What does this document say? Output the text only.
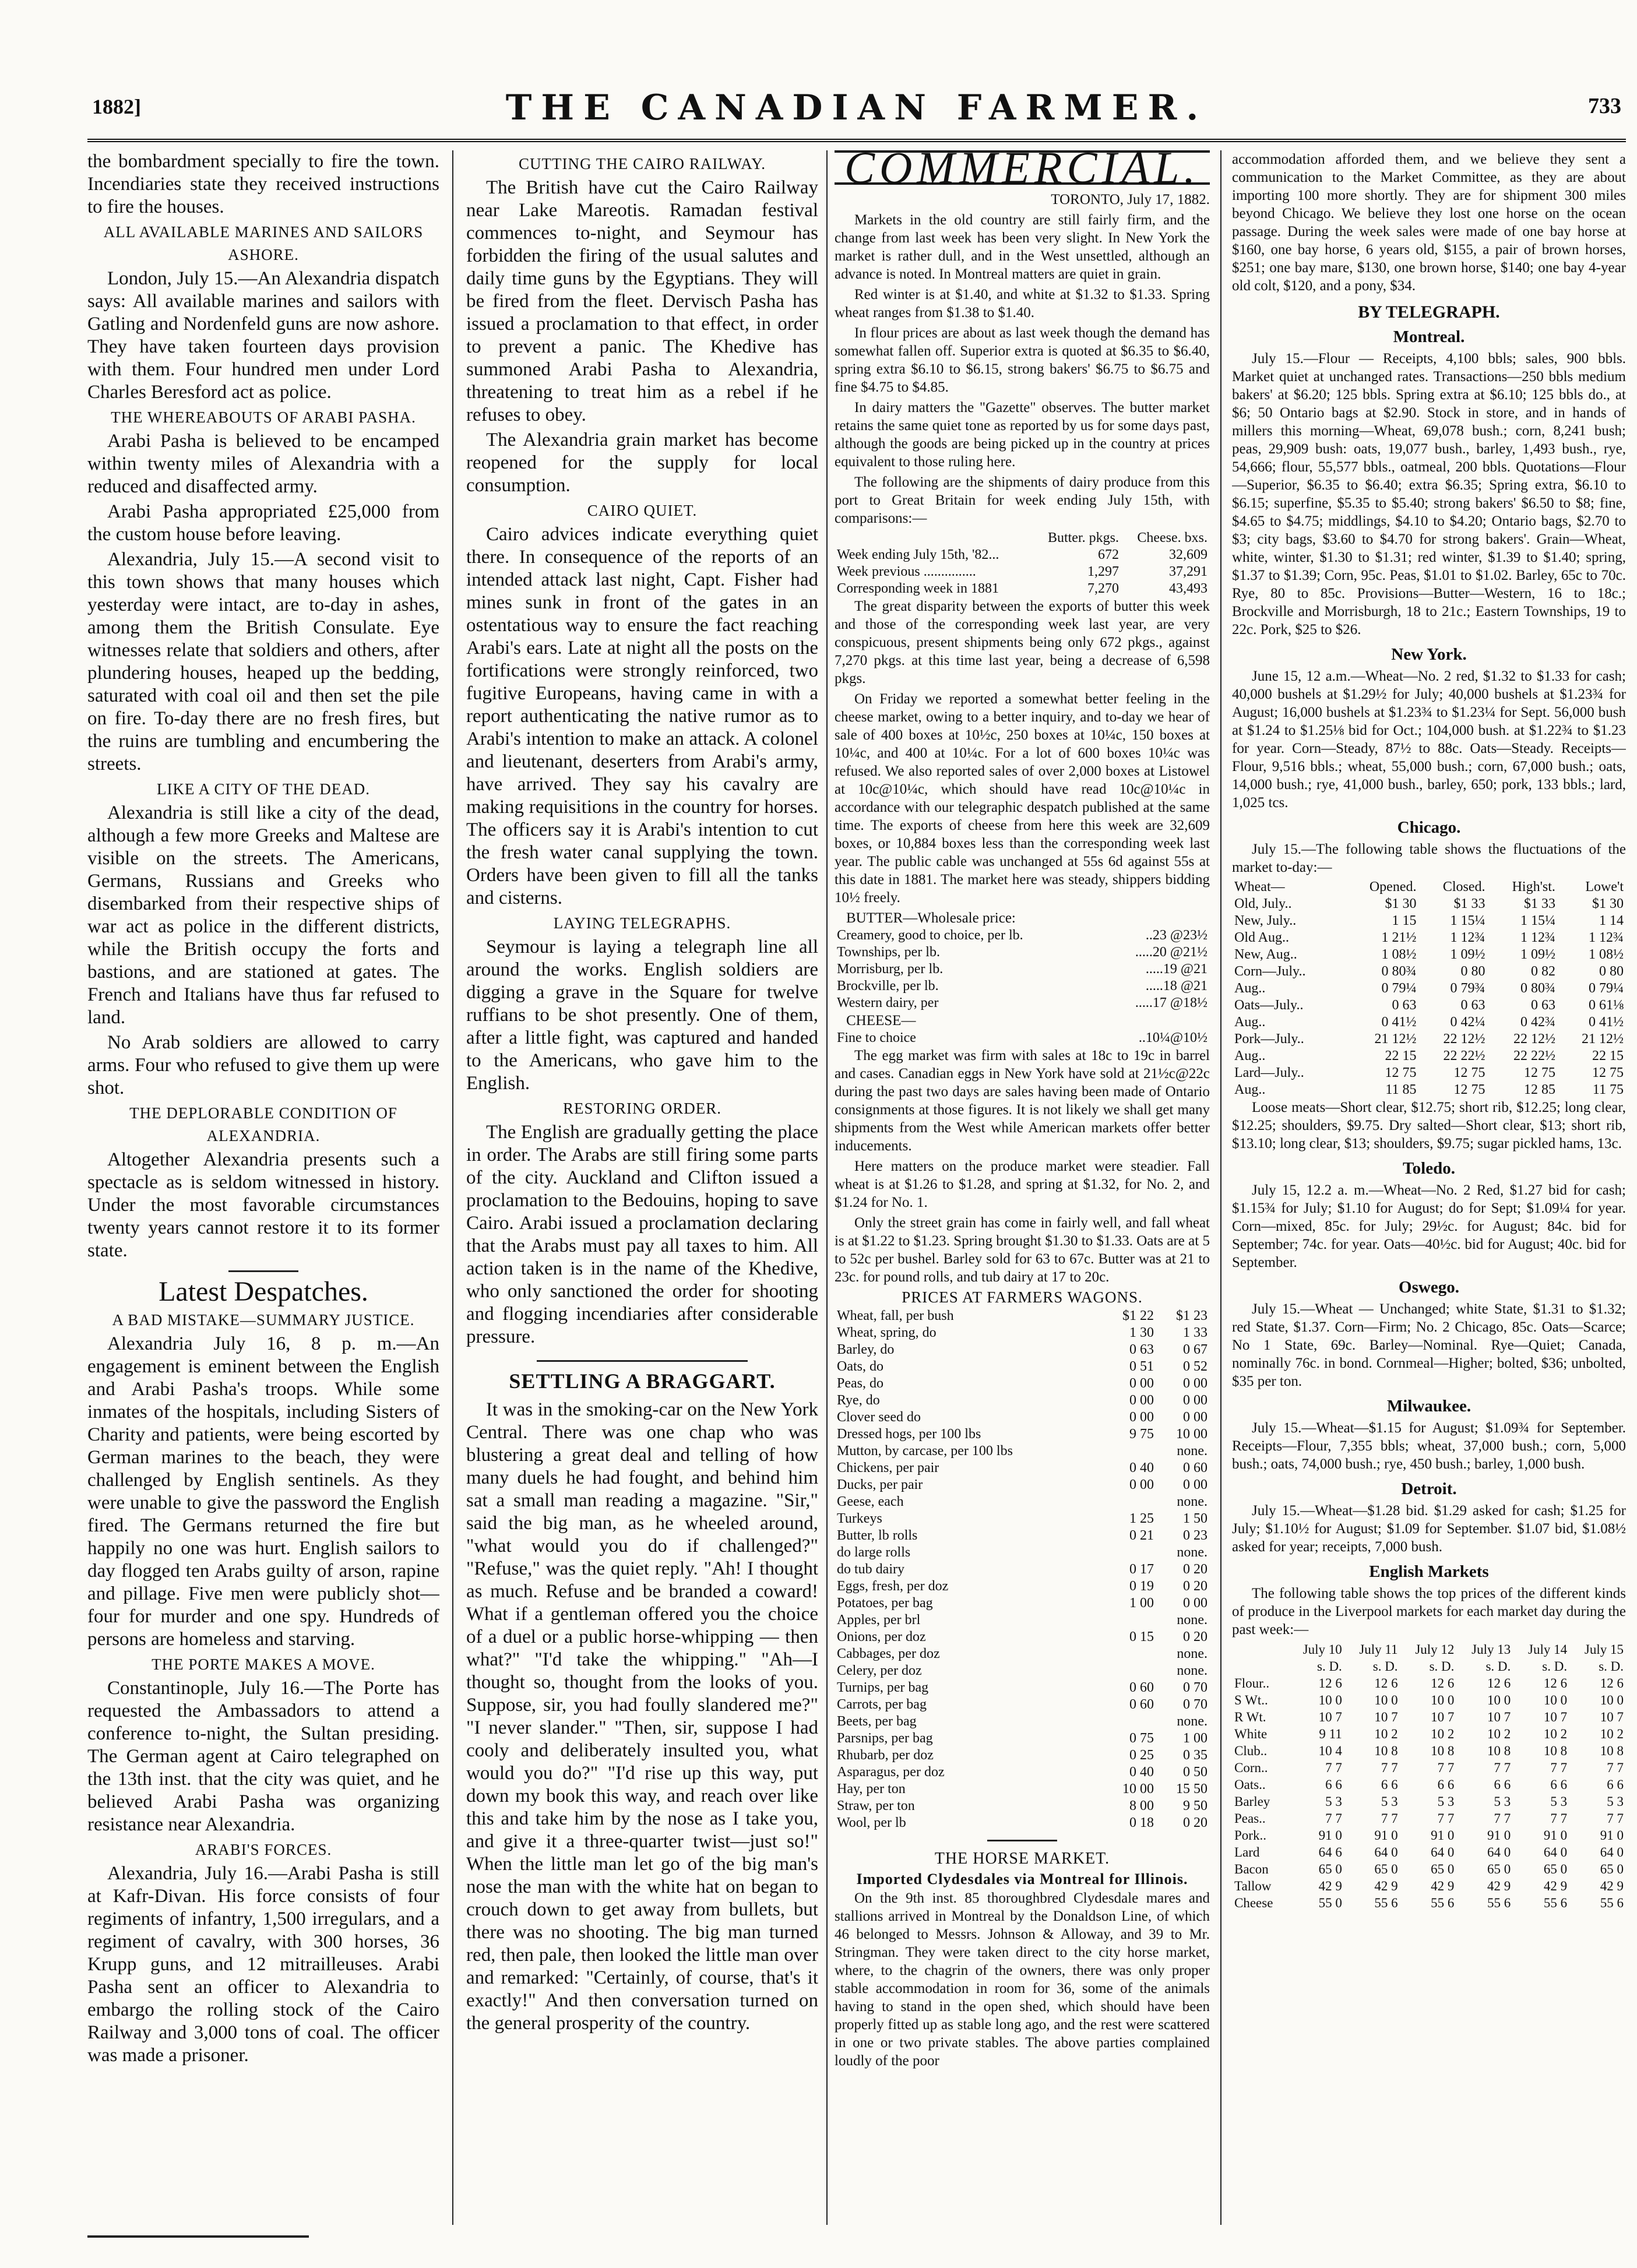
1882]	THE CANADIAN FARMER.	733

the bombardment specially to fire the town. Incendiaries state they received instructions to fire the houses.

ALL AVAILABLE MARINES AND SAILORS ASHORE.

London, July 15.—An Alexandria dispatch says: All available marines and sailors with Gatling and Nordenfeld guns are now ashore. They have taken fourteen days provision with them. Four hundred men under Lord Charles Beresford act as police.

THE WHEREABOUTS OF ARABI PASHA.

Arabi Pasha is believed to be encamped within twenty miles of Alexandria with a reduced and disaffected army.

Arabi Pasha appropriated £25,000 from the custom house before leaving.

Alexandria, July 15.—A second visit to this town shows that many houses which yesterday were intact, are to-day in ashes, among them the British Consulate. Eye witnesses relate that soldiers and others, after plundering houses, heaped up the bedding, saturated with coal oil and then set the pile on fire. To-day there are no fresh fires, but the ruins are tumbling and encumbering the streets.

LIKE A CITY OF THE DEAD.

Alexandria is still like a city of the dead, although a few more Greeks and Maltese are visible on the streets. The Americans, Germans, Russians and Greeks who disembarked from their respective ships of war act as police in the different districts, while the British occupy the forts and bastions, and are stationed at gates. The French and Italians have thus far refused to land.

No Arab soldiers are allowed to carry arms. Four who refused to give them up were shot.

THE DEPLORABLE CONDITION OF ALEXANDRIA.

Altogether Alexandria presents such a spectacle as is seldom witnessed in history. Under the most favorable circumstances twenty years cannot restore it to its former state.

Latest Despatches.
A BAD MISTAKE—SUMMARY JUSTICE.

Alexandria July 16, 8 p. m.—An engagement is eminent between the English and Arabi Pasha's troops. While some inmates of the hospitals, including Sisters of Charity and patients, were being escorted by German marines to the beach, they were challenged by English sentinels. As they were unable to give the password the English fired. The Germans returned the fire but happily no one was hurt. English sailors to day flogged ten Arabs guilty of arson, rapine and pillage. Five men were publicly shot—four for murder and one spy. Hundreds of persons are homeless and starving.

THE PORTE MAKES A MOVE.

Constantinople, July 16.—The Porte has requested the Ambassadors to attend a conference to-night, the Sultan presiding. The German agent at Cairo telegraphed on the 13th inst. that the city was quiet, and he believed Arabi Pasha was organizing resistance near Alexandria.

ARABI'S FORCES.

Alexandria, July 16.—Arabi Pasha is still at Kafr-Divan. His force consists of four regiments of infantry, 1,500 irregulars, and a regiment of cavalry, with 300 horses, 36 Krupp guns, and 12 mitrailleuses. Arabi Pasha sent an officer to Alexandria to embargo the rolling stock of the Cairo Railway and 3,000 tons of coal. The officer was made a prisoner.

CUTTING THE CAIRO RAILWAY.

The British have cut the Cairo Railway near Lake Mareotis. Ramadan festival commences to-night, and Seymour has forbidden the firing of the usual salutes and daily time guns by the Egyptians. They will be fired from the fleet. Dervisch Pasha has issued a proclamation to that effect, in order to prevent a panic. The Khedive has summoned Arabi Pasha to Alexandria, threatening to treat him as a rebel if he refuses to obey.

The Alexandria grain market has become reopened for the supply for local consumption.

CAIRO QUIET.

Cairo advices indicate everything quiet there. In consequence of the reports of an intended attack last night, Capt. Fisher had mines sunk in front of the gates in an ostentatious way to ensure the fact reaching Arabi's ears. Late at night all the posts on the fortifications were strongly reinforced, two fugitive Europeans, having came in with a report authenticating the native rumor as to Arabi's intention to make an attack. A colonel and lieutenant, deserters from Arabi's army, have arrived. They say his cavalry are making requisitions in the country for horses. The officers say it is Arabi's intention to cut the fresh water canal supplying the town. Orders have been given to fill all the tanks and cisterns.

LAYING TELEGRAPHS.

Seymour is laying a telegraph line all around the works. English soldiers are digging a grave in the Square for twelve ruffians to be shot presently. One of them, after a little fight, was captured and handed to the Americans, who gave him to the English.

RESTORING ORDER.

The English are gradually getting the place in order. The Arabs are still firing some parts of the city. Auckland and Clifton issued a proclamation to the Bedouins, hoping to save Cairo. Arabi issued a proclamation declaring that the Arabs must pay all taxes to him. All action taken is in the name of the Khedive, who only sanctioned the order for shooting and flogging incendiaries after considerable pressure.

SETTLING A BRAGGART.

It was in the smoking-car on the New York Central. There was one chap who was blustering a great deal and telling of how many duels he had fought, and behind him sat a small man reading a magazine. "Sir," said the big man, as he wheeled around, "what would you do if challenged?" "Refuse," was the quiet reply. "Ah! I thought as much. Refuse and be branded a coward! What if a gentleman offered you the choice of a duel or a public horse-whipping — then what?" "I'd take the whipping." "Ah—I thought so, thought from the looks of you. Suppose, sir, you had foully slandered me?" "I never slander." "Then, sir, suppose I had cooly and deliberately insulted you, what would you do?" "I'd rise up this way, put down my book this way, and reach over like this and take him by the nose as I take you, and give it a three-quarter twist—just so!" When the little man let go of the big man's nose the man with the white hat on began to crouch down to get away from bullets, but there was no shooting. The big man turned red, then pale, then looked the little man over and remarked: "Certainly, of course, that's it exactly!" And then conversation turned on the general prosperity of the country.

COMMERCIAL.
TORONTO, July 17, 1882.

Markets in the old country are still fairly firm, and the change from last week has been very slight. In New York the market is rather dull, and in the West unsettled, although an advance is noted. In Montreal matters are quiet in grain.

Red winter is at $1.40, and white at $1.32 to $1.33. Spring wheat ranges from $1.38 to $1.40.

In flour prices are about as last week though the demand has somewhat fallen off. Superior extra is quoted at $6.35 to $6.40, spring extra $6.10 to $6.15, strong bakers' $6.75 to $6.75 and fine $4.75 to $4.85.

In dairy matters the "Gazette" observes. The butter market retains the same quiet tone as reported by us for some days past, although the goods are being picked up in the country at prices equivalent to those ruling here.

The following are the shipments of dairy produce from this port to Great Britain for week ending July 15th, with comparisons:—

	Butter. pkgs.	Cheese. bxs.
Week ending July 15th, '82...	672	32,609
Week previous ...............	1,297	37,291
Corresponding week in 1881	7,270	43,493

The great disparity between the exports of butter this week and those of the corresponding week last year, are very conspicuous, present shipments being only 672 pkgs., against 7,270 pkgs. at this time last year, being a decrease of 6,598 pkgs.

On Friday we reported a somewhat better feeling in the cheese market, owing to a better inquiry, and to-day we hear of sale of 400 boxes at 10½c, 250 boxes at 10¼c, 150 boxes at 10¼c, and 400 at 10¼c. For a lot of 600 boxes 10¼c was refused. We also reported sales of over 2,000 boxes at Listowel at 10c@10¼c, which should have read 10c@10¼c in accordance with our telegraphic despatch published at the same time. The exports of cheese from here this week are 32,609 boxes, or 10,884 boxes less than the corresponding week last year. The public cable was unchanged at 55s 6d against 55s at this date in 1881. The market here was steady, shippers bidding 10½ freely.

BUTTER—Wholesale price:
Creamery, good to choice, per lb.	..23 @23½
Townships, per lb.	.....20 @21½
Morrisburg, per lb.	.....19 @21
Brockville, per lb.	.....18 @21
Western dairy, per	.....17 @18½
CHEESE—
Fine to choice	..10¼@10½

The egg market was firm with sales at 18c to 19c in barrel and cases. Canadian eggs in New York have sold at 21½c@22c during the past two days are sales having been made of Ontario consignments at those figures. It is not likely we shall get many shipments from the West while American markets offer better inducements.

Here matters on the produce market were steadier. Fall wheat is at $1.26 to $1.28, and spring at $1.32, for No. 2, and $1.24 for No. 1.

Only the street grain has come in fairly well, and fall wheat is at $1.22 to $1.23. Spring brought $1.30 to $1.33. Oats are at 5 to 52c per bushel. Barley sold for 63 to 67c. Butter was at 21 to 23c. for pound rolls, and tub dairy at 17 to 20c.

PRICES AT FARMERS WAGONS.
Wheat, fall, per bush	$1 22	$1 23
Wheat, spring, do	1 30	1 33
Barley, do	0 63	0 67
Oats, do	0 51	0 52
Peas, do	0 00	0 00
Rye, do	0 00	0 00
Clover seed do	0 00	0 00
Dressed hogs, per 100 lbs	9 75	10 00
Mutton, by carcase, per 100 lbs		none.
Chickens, per pair	0 40	0 60
Ducks, per pair	0 00	0 00
Geese, each		none.
Turkeys	1 25	1 50
Butter, lb rolls	0 21	0 23
do large rolls		none.
do tub dairy	0 17	0 20
Eggs, fresh, per doz	0 19	0 20
Potatoes, per bag	1 00	0 00
Apples, per brl		none.
Onions, per doz	0 15	0 20
Cabbages, per doz		none.
Celery, per doz		none.
Turnips, per bag	0 60	0 70
Carrots, per bag	0 60	0 70
Beets, per bag		none.
Parsnips, per bag	0 75	1 00
Rhubarb, per doz	0 25	0 35
Asparagus, per doz	0 40	0 50
Hay, per ton	10 00	15 50
Straw, per ton	8 00	9 50
Wool, per lb	0 18	0 20
THE HORSE MARKET.
Imported Clydesdales via Montreal for Illinois.

On the 9th inst. 85 thoroughbred Clydesdale mares and stallions arrived in Montreal by the Donaldson Line, of which 46 belonged to Messrs. Johnson & Alloway, and 39 to Mr. Stringman. They were taken direct to the city horse market, where, to the chagrin of the owners, there was only proper stable accommodation in room for 36, some of the animals having to stand in the open shed, which should have been properly fitted up as stable long ago, and the rest were scattered in one or two private stables. The above parties complained loudly of the poor

accommodation afforded them, and we believe they sent a communication to the Market Committee, as they are about importing 100 more shortly. They are for shipment 300 miles beyond Chicago. We believe they lost one horse on the ocean passage. During the week sales were made of one bay horse at $160, one bay horse, 6 years old, $155, a pair of brown horses, $251; one bay mare, $130, one brown horse, $140; one bay 4-year old colt, $120, and a pony, $34.

BY TELEGRAPH.
Montreal.

July 15.—Flour — Receipts, 4,100 bbls; sales, 900 bbls. Market quiet at unchanged rates. Transactions—250 bbls medium bakers' at $6.20; 125 bbls. Spring extra at $6.10; 125 bbls do., at $6; 50 Ontario bags at $2.90. Stock in store, and in hands of millers this morning—Wheat, 69,078 bush.; corn, 8,241 bush; peas, 29,909 bush: oats, 19,077 bush., barley, 1,493 bush., rye, 54,666; flour, 55,577 bbls., oatmeal, 200 bbls. Quotations—Flour—Superior, $6.35 to $6.40; extra $6.35; Spring extra, $6.10 to $6.15; superfine, $5.35 to $5.40; strong bakers' $6.50 to $8; fine, $4.65 to $4.75; middlings, $4.10 to $4.20; Ontario bags, $2.70 to $3; city bags, $3.60 to $4.70 for strong bakers'. Grain—Wheat, white, winter, $1.30 to $1.31; red winter, $1.39 to $1.40; spring, $1.37 to $1.39; Corn, 95c. Peas, $1.01 to $1.02. Barley, 65c to 70c. Rye, 80 to 85c. Provisions—Butter—Western, 16 to 18c.; Brockville and Morrisburgh, 18 to 21c.; Eastern Townships, 19 to 22c. Pork, $25 to $26.

New York.

June 15, 12 a.m.—Wheat—No. 2 red, $1.32 to $1.33 for cash; 40,000 bushels at $1.29½ for July; 40,000 bushels at $1.23¾ for August; 16,000 bushels at $1.23¾ to $1.23¼ for Sept. 56,000 bush at $1.24 to $1.25⅛ bid for Oct.; 104,000 bush. at $1.22¾ to $1.23 for year. Corn—Steady, 87½ to 88c. Oats—Steady. Receipts—Flour, 9,516 bbls.; wheat, 55,000 bush.; corn, 67,000 bush.; oats, 14,000 bush.; rye, 41,000 bush., barley, 650; pork, 133 bbls.; lard, 1,025 tcs.

Chicago.

July 15.—The following table shows the fluctuations of the market to-day:—

Wheat—	Opened.	Closed.	High'st.	Lowe't
Old, July..	$1 30	$1 33	$1 33	$1 30
New, July..	1 15	1 15¼	1 15¼	1 14
Old Aug..	1 21½	1 12¾	1 12¾	1 12¾
New, Aug..	1 08½	1 09½	1 09½	1 08½
Corn—July..	0 80¾	0 80	0 82	0 80
Aug..	0 79¼	0 79¾	0 80¾	0 79¼
Oats—July..	0 63	0 63	0 63	0 61⅛
Aug..	0 41½	0 42¼	0 42¾	0 41½
Pork—July..	21 12½	22 12½	22 12½	21 12½
Aug..	22 15	22 22½	22 22½	22 15
Lard—July..	12 75	12 75	12 75	12 75
Aug..	11 85	12 75	12 85	11 75

Loose meats—Short clear, $12.75; short rib, $12.25; long clear, $12.25; shoulders, $9.75. Dry salted—Short clear, $13; short rib, $13.10; long clear, $13; shoulders, $9.75; sugar pickled hams, 13c.

Toledo.

July 15, 12.2 a. m.—Wheat—No. 2 Red, $1.27 bid for cash; $1.15¾ for July; $1.10 for August; do for Sept; $1.09¼ for year. Corn—mixed, 85c. for July; 29½c. for August; 84c. bid for September; 74c. for year. Oats—40½c. bid for August; 40c. bid for September.

Oswego.

July 15.—Wheat — Unchanged; white State, $1.31 to $1.32; red State, $1.37. Corn—Firm; No. 2 Chicago, 85c. Oats—Scarce; No 1 State, 69c. Barley—Nominal. Rye—Quiet; Canada, nominally 76c. in bond. Cornmeal—Higher; bolted, $36; unbolted, $35 per ton.

Milwaukee.

July 15.—Wheat—$1.15 for August; $1.09¾ for September. Receipts—Flour, 7,355 bbls; wheat, 37,000 bush.; corn, 5,000 bush.; oats, 74,000 bush.; rye, 450 bush.; barley, 1,000 bush.

Detroit.

July 15.—Wheat—$1.28 bid. $1.29 asked for cash; $1.25 for July; $1.10½ for August; $1.09 for September. $1.07 bid, $1.08½ asked for year; receipts, 7,000 bush.

English Markets

The following table shows the top prices of the different kinds of produce in the Liverpool markets for each market day during the past week:—

	July 10	July 11	July 12	July 13	July 14	July 15
	s. D.	s. D.	s. D.	s. D.	s. D.	s. D.
Flour..	12 6	12 6	12 6	12 6	12 6	12 6
S Wt..	10 0	10 0	10 0	10 0	10 0	10 0
R Wt.	10 7	10 7	10 7	10 7	10 7	10 7
White	9 11	10 2	10 2	10 2	10 2	10 2
Club..	10 4	10 8	10 8	10 8	10 8	10 8
Corn..	7 7	7 7	7 7	7 7	7 7	7 7
Oats..	6 6	6 6	6 6	6 6	6 6	6 6
Barley	5 3	5 3	5 3	5 3	5 3	5 3
Peas..	7 7	7 7	7 7	7 7	7 7	7 7
Pork..	91 0	91 0	91 0	91 0	91 0	91 0
Lard	64 6	64 0	64 0	64 0	64 0	64 0
Bacon	65 0	65 0	65 0	65 0	65 0	65 0
Tallow	42 9	42 9	42 9	42 9	42 9	42 9
Cheese	55 0	55 6	55 6	55 6	55 6	55 6
